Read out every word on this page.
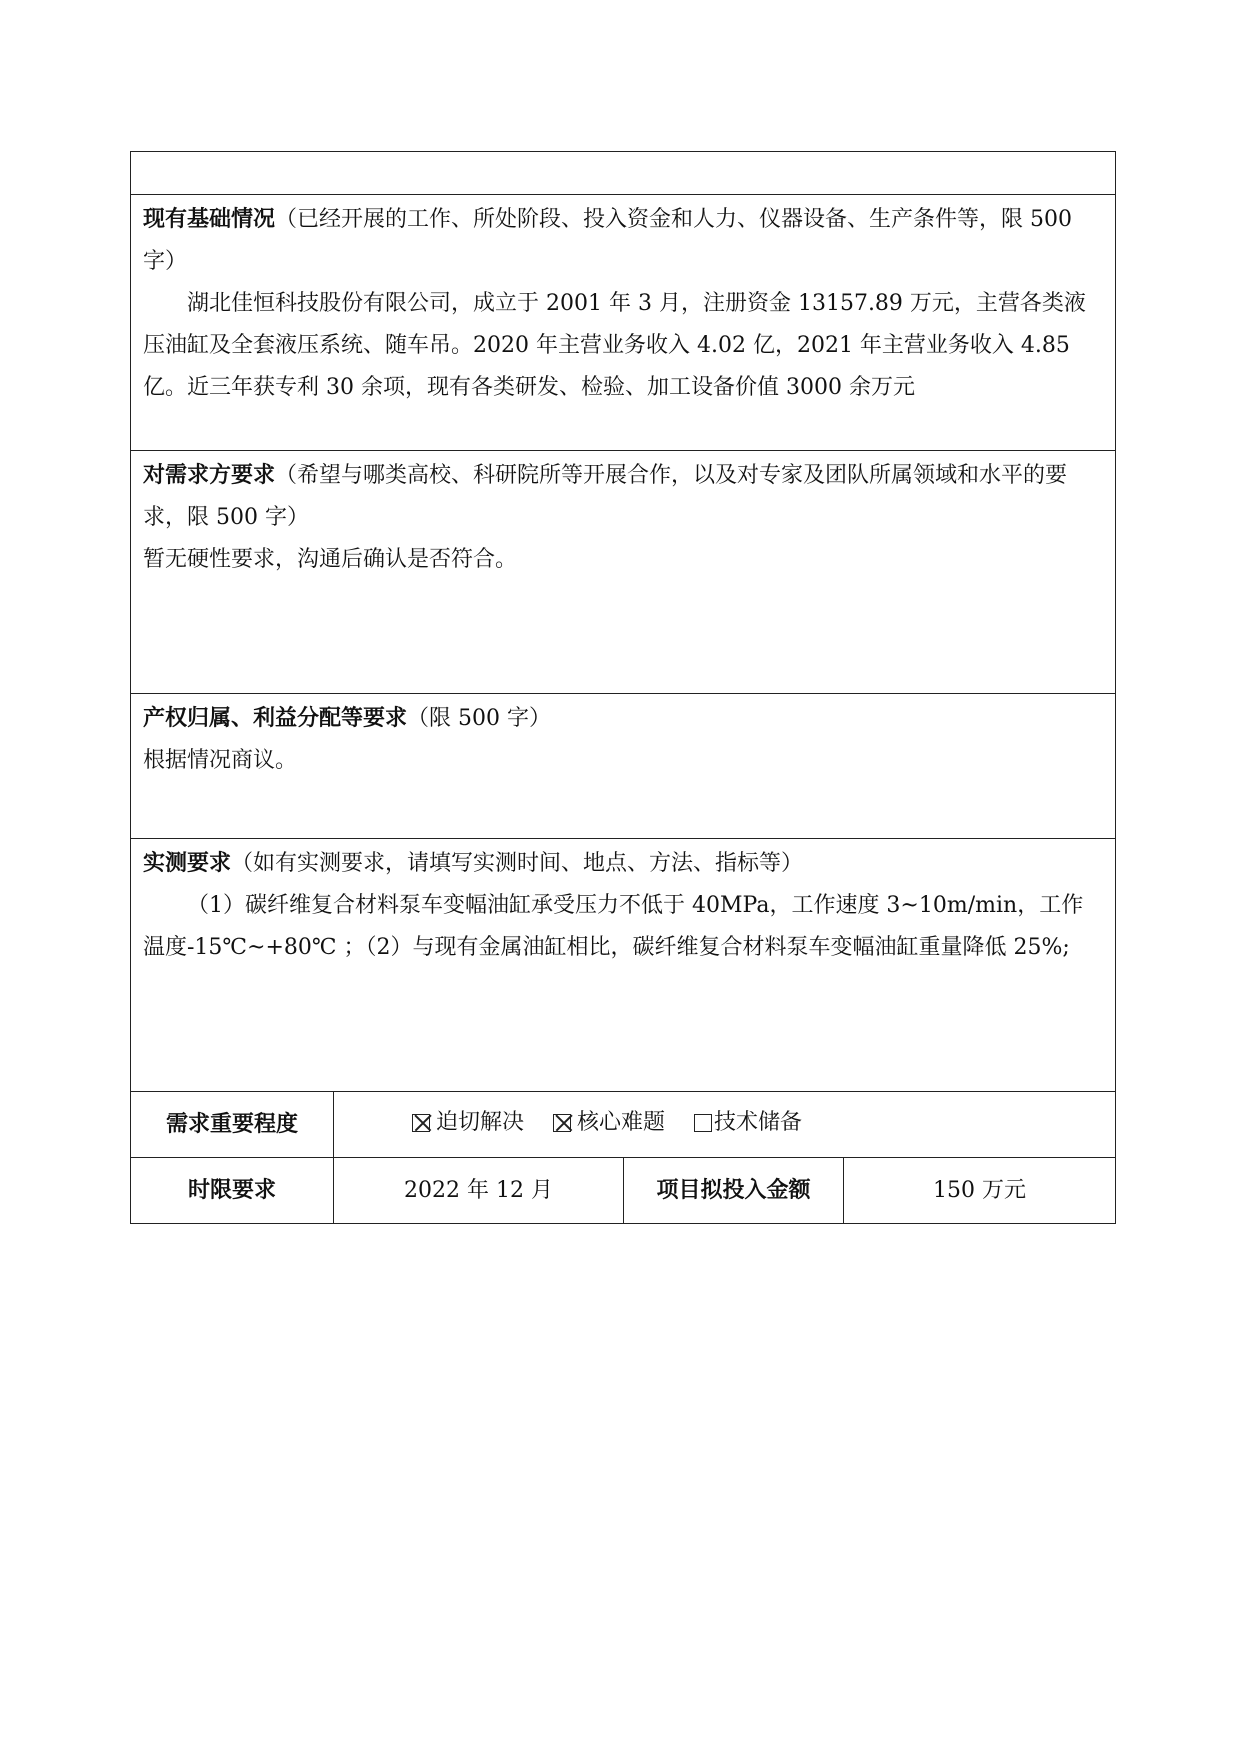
现有基础情况（已经开展的工作、所处阶段、投入资金和人力、仪器设备、生产条件等，限 500 字）

湖北佳恒科技股份有限公司，成立于 2001 年 3 月，注册资金 13157.89 万元，主营各类液压油缸及全套液压系统、随车吊。2020 年主营业务收入 4.02 亿，2021 年主营业务收入 4.85 亿。近三年获专利 30 余项，现有各类研发、检验、加工设备价值 3000 余万元			

对需求方要求（希望与哪类高校、科研院所等开展合作，以及对专家及团队所属领域和水平的要求，限 500 字）

暂无硬性要求，沟通后确认是否符合。			

产权归属、利益分配等要求（限 500 字）

根据情况商议。			

实测要求（如有实测要求，请填写实测时间、地点、方法、指标等）

（1）碳纤维复合材料泵车变幅油缸承受压力不低于 40MPa，工作速度 3~10m/min，工作温度-15℃~+80℃ ；（2）与现有金属油缸相比，碳纤维复合材料泵车变幅油缸重量降低 25%;			

需求重要程度	迫切解决
核心难题
技术储备		

时限要求	2022 年 12 月	项目拟投入金额	150 万元
